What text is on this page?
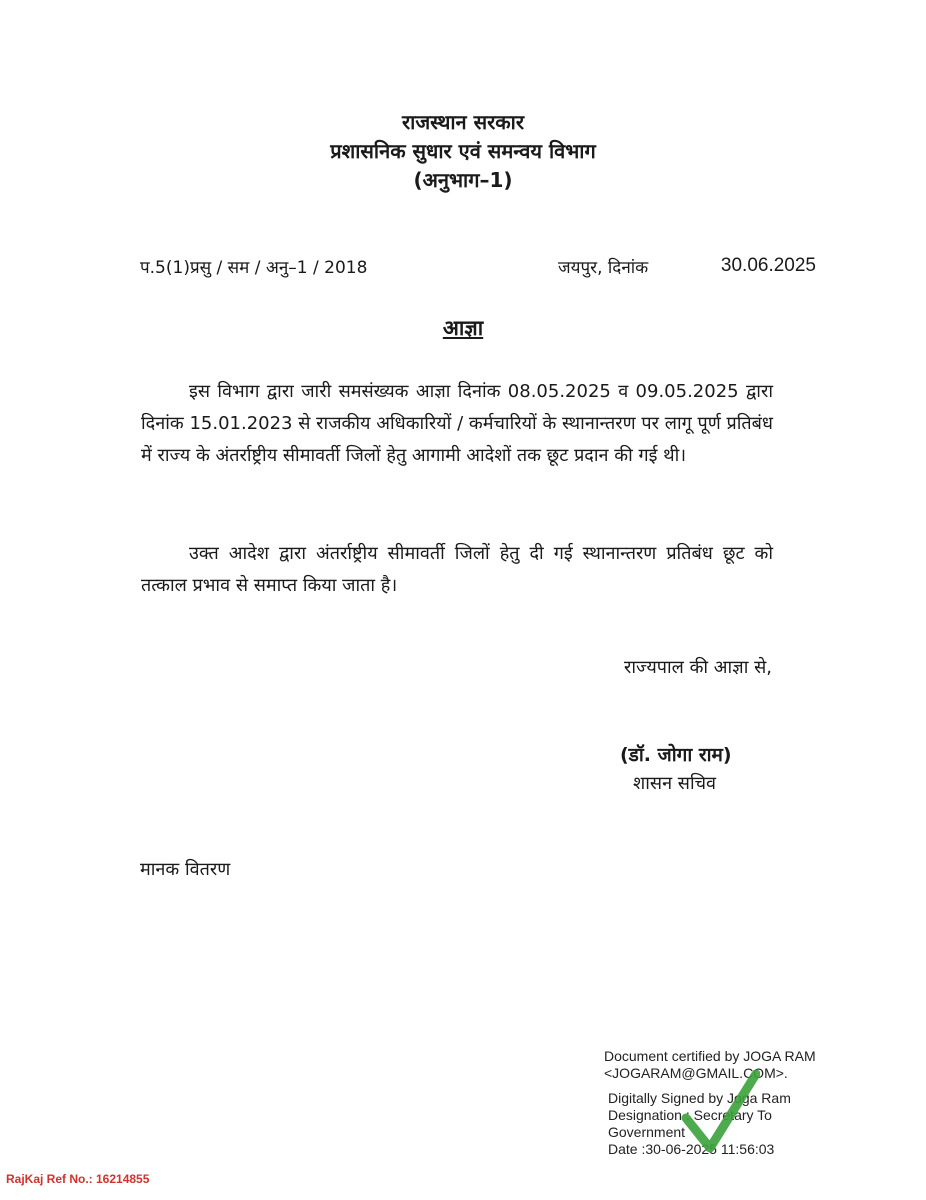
राजस्थान सरकार
प्रशासनिक सुधार एवं समन्वय विभाग
(अनुभाग–1)
प.5(1)प्रसु / सम / अनु–1 / 2018	जयपुर, दिनांक	30.06.2025
आज्ञा

इस विभाग द्वारा जारी समसंख्यक आज्ञा दिनांक 08.05.2025 व 09.05.2025 द्वारा दिनांक 15.01.2023 से राजकीय अधिकारियों / कर्मचारियों के स्थानान्तरण पर लागू पूर्ण प्रतिबंध में राज्य के अंतर्राष्ट्रीय सीमावर्ती जिलों हेतु आगामी आदेशों तक छूट प्रदान की गई थी।

उक्त आदेश द्वारा अंतर्राष्ट्रीय सीमावर्ती जिलों हेतु दी गई स्थानान्तरण प्रतिबंध छूट को तत्काल प्रभाव से समाप्त किया जाता है।

राज्यपाल की आज्ञा से,
(डॉ. जोगा राम)
शासन सचिव
मानक वितरण
Document certified by JOGA RAM
<JOGARAM@GMAIL.COM>.
Digitally Signed by Joga Ram
Designation : Secretary To
Government
Date :30-06-2025 11:56:03
RajKaj Ref No.: 16214855
